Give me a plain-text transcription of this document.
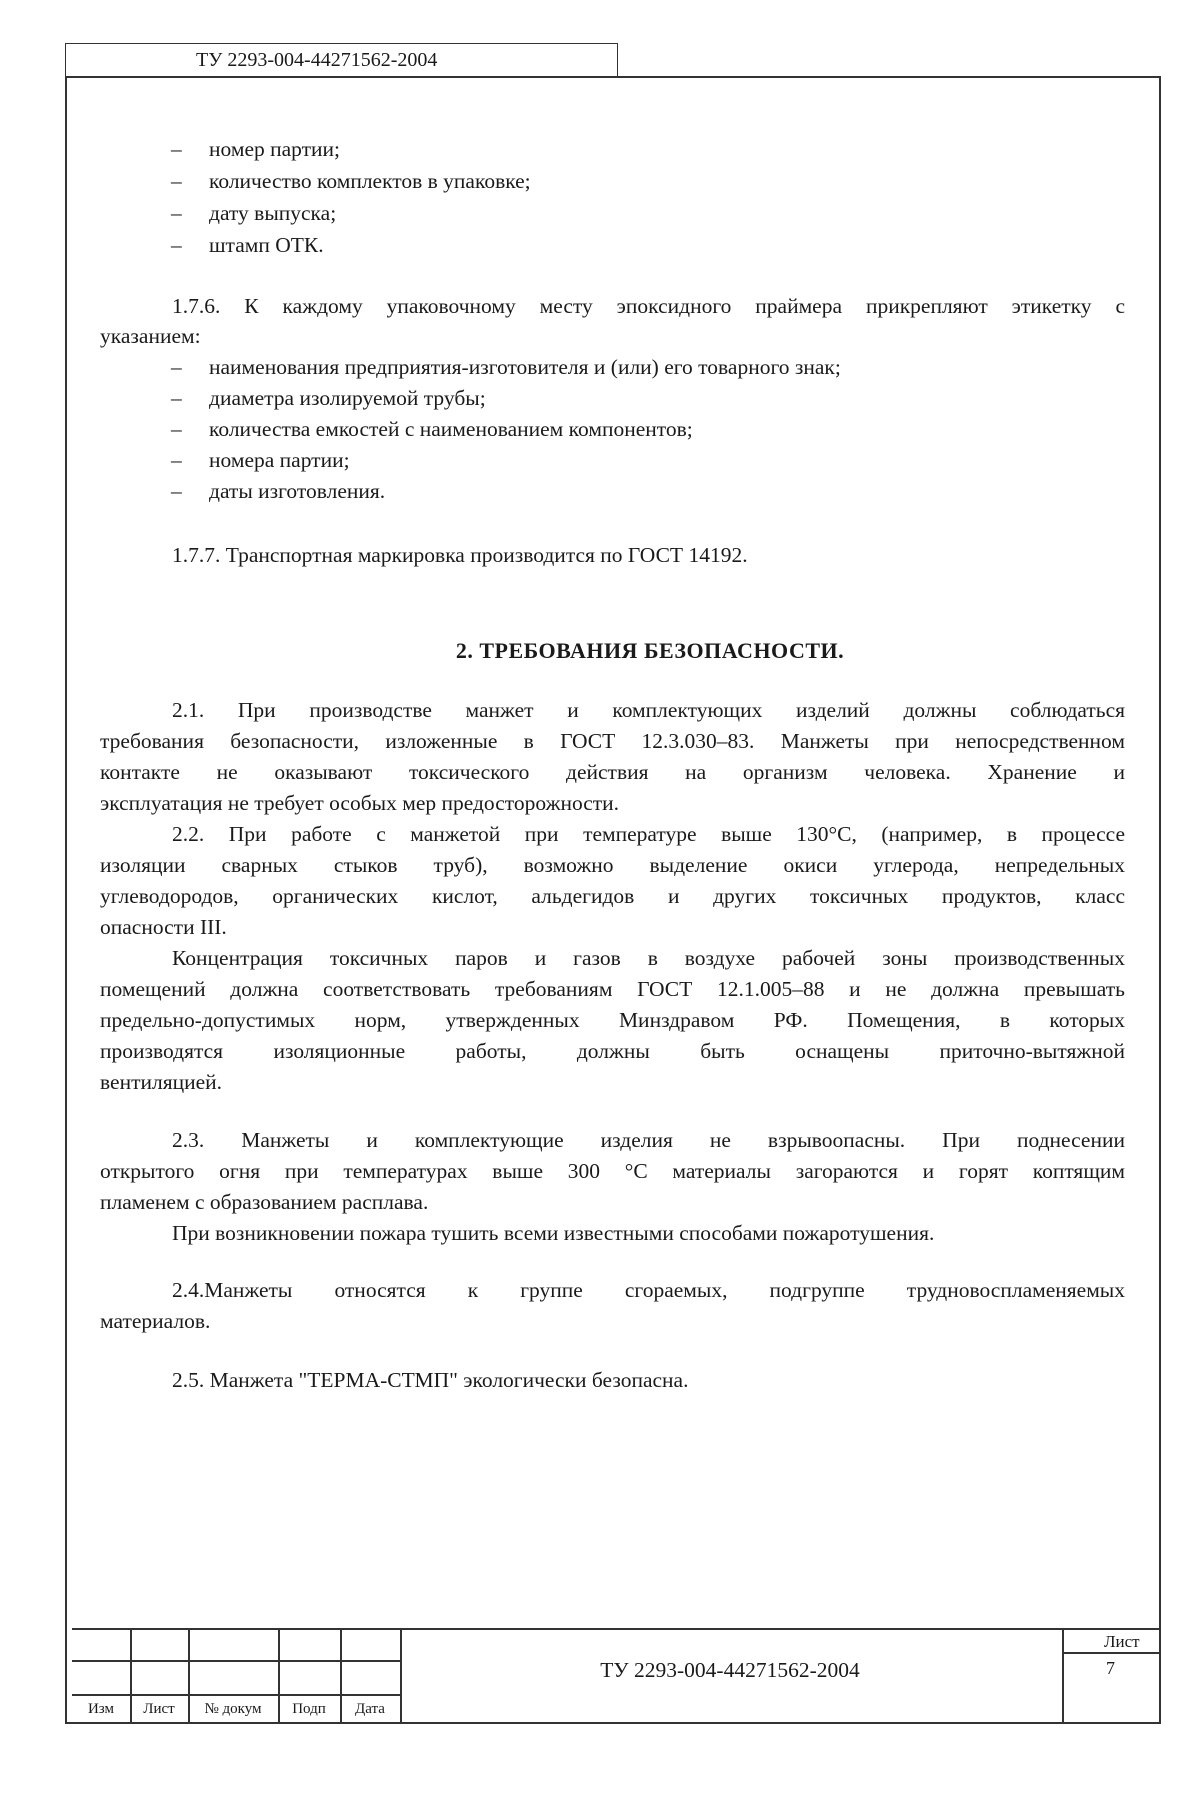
ТУ 2293-004-44271562-2004
– номер партии;
– количество комплектов в упаковке;
– дату выпуска;
– штамп ОТК.
1.7.6. К каждому упаковочному месту эпоксидного праймера прикрепляют этикетку с
указанием:
– наименования предприятия-изготовителя и (или) его товарного знак;
– диаметра изолируемой трубы;
– количества емкостей с наименованием компонентов;
– номера партии;
– даты изготовления.
1.7.7. Транспортная маркировка производится по ГОСТ 14192.
2. ТРЕБОВАНИЯ БЕЗОПАСНОСТИ.
2.1. При производстве манжет и комплектующих изделий должны соблюдаться
требования безопасности, изложенные в ГОСТ 12.3.030–83. Манжеты при непосредственном
контакте не оказывают токсического действия на организм человека. Хранение и
эксплуатация не требует особых мер предосторожности.
2.2. При работе с манжетой при температуре выше 130°С, (например, в процессе
изоляции сварных стыков труб), возможно выделение окиси углерода, непредельных
углеводородов, органических кислот, альдегидов и других токсичных продуктов, класс
опасности III.
Концентрация токсичных паров и газов в воздухе рабочей зоны производственных
помещений должна соответствовать требованиям ГОСТ 12.1.005–88 и не должна превышать
предельно-допустимых норм, утвержденных Минздравом РФ. Помещения, в которых
производятся изоляционные работы, должны быть оснащены приточно-вытяжной
вентиляцией.
2.3. Манжеты и комплектующие изделия не взрывоопасны. При поднесении
открытого огня при температурах выше 300 °С материалы загораются и горят коптящим
пламенем с образованием расплава.
При возникновении пожара тушить всеми известными способами пожаротушения.
2.4.Манжеты относятся к группе сгораемых, подгруппе трудновоспламеняемых
материалов.
2.5. Манжета "ТЕРМА-СТМП" экологически безопасна.
Изм	Лист	№ докум	Подп	Дата
ТУ 2293-004-44271562-2004
Лист
7
